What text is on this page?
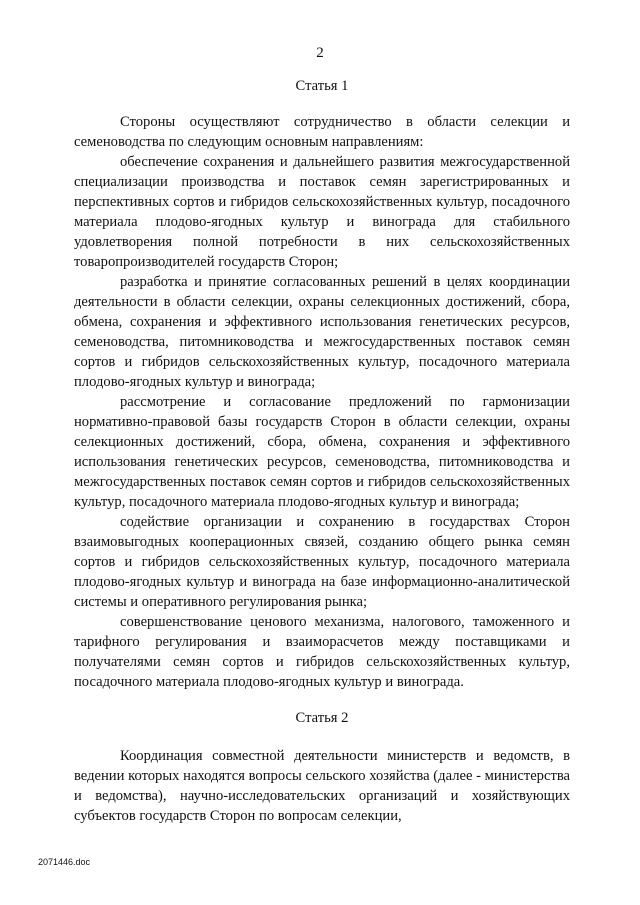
2

Статья 1

Стороны осуществляют сотрудничество в области селекции и семеноводства по следующим основным направлениям:

обеспечение сохранения и дальнейшего развития межгосударственной специализации производства и поставок семян зарегистрированных и перспективных сортов и гибридов сельскохозяйственных культур, посадочного материала плодово-ягодных культур и винограда для стабильного удовлетворения полной потребности в них сельскохозяйственных товаропроизводителей государств Сторон;

разработка и принятие согласованных решений в целях координации деятельности в области селекции, охраны селекционных достижений, сбора, обмена, сохранения и эффективного использования генетических ресурсов, семеноводства, питомниководства и межгосударственных поставок семян сортов и гибридов сельскохозяйственных культур, посадочного материала плодово-ягодных культур и винограда;

рассмотрение и согласование предложений по гармонизации нормативно-правовой базы государств Сторон в области селекции, охраны селекционных достижений, сбора, обмена, сохранения и эффективного использования генетических ресурсов, семеноводства, питомниководства и межгосударственных поставок семян сортов и гибридов сельскохозяйственных культур, посадочного материала плодово-ягодных культур и винограда;

содействие организации и сохранению в государствах Сторон взаимовыгодных кооперационных связей, созданию общего рынка семян сортов и гибридов сельскохозяйственных культур, посадочного материала плодово-ягодных культур и винограда на базе информационно-аналитической системы и оперативного регулирования рынка;

совершенствование ценового механизма, налогового, таможенного и тарифного регулирования и взаиморасчетов между поставщиками и получателями семян сортов и гибридов сельскохозяйственных культур, посадочного материала плодово-ягодных культур и винограда.

Статья 2

Координация совместной деятельности министерств и ведомств, в ведении которых находятся вопросы сельского хозяйства (далее - министерства и ведомства), научно-исследовательских организаций и хозяйствующих субъектов государств Сторон по вопросам селекции,

2071446.doc
